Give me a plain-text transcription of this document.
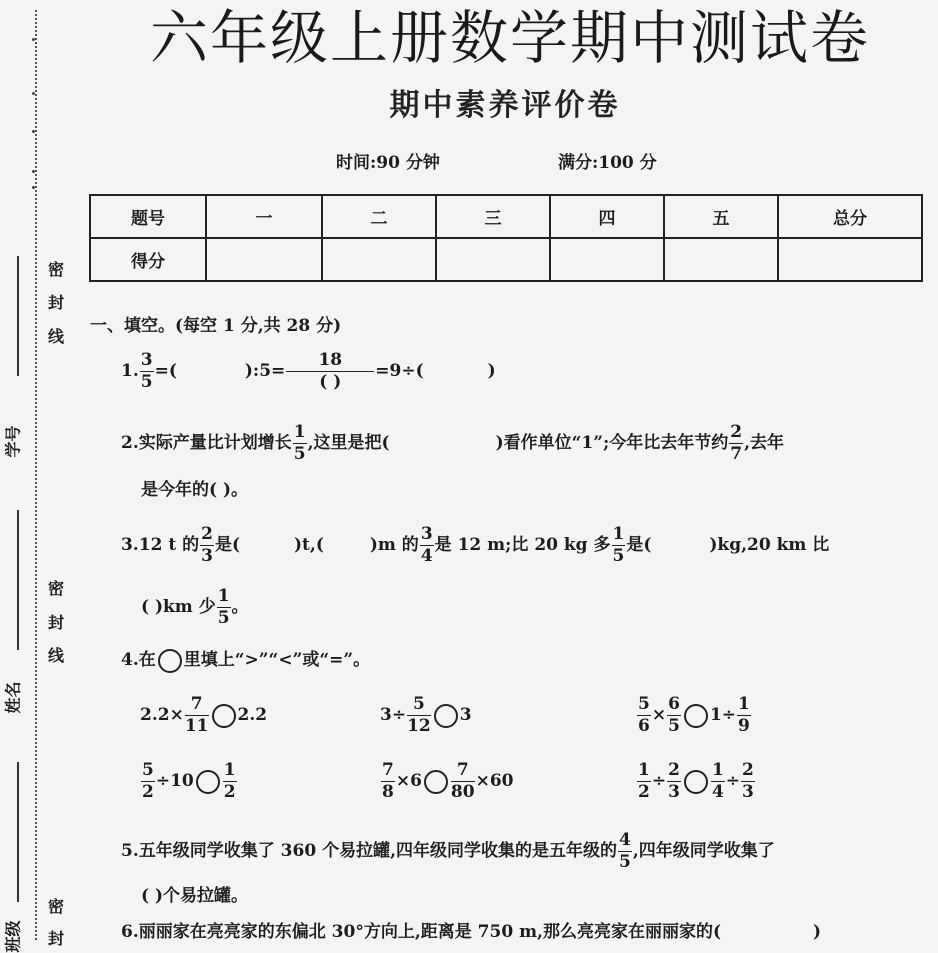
密
封
线
密
封
线
密
封
学号
姓名
班级
六年级上册数学期中测试卷
期中素养评价卷
时间:90 分钟	满分:100 分
题号	一	二	三	四	五	总分
得分						
一、填空。(每空 1 分,共 28 分)
1. $\frac{3}{5}$ =(	):5= $\frac{18}{( )} =9\div$(	)
2.实际产量比计划增长 $\frac{1}{5}$ ,这里是把(	)看作单位“1”;今年比去年节约 $\frac{2}{7}$ ,去年
是今年的( )。
3.12 t 的 $\frac{2}{3}$ 是(	)t,(	)m 的 $\frac{3}{4}$ 是 12 m;比 20 kg 多 $\frac{1}{5}$ 是(	)kg,20 km 比
( )km 少 $\frac{1}{5}$ 。
4.在 里填上“>”“<”或“=”。
$2.2\times \frac{7}{11} 2.2$	$3\div \frac{5}{12} 3$	$\frac{5}{6} \times \frac{6}{5} 1\div \frac{1}{9}$
$\frac{5}{2} \div 10 \frac{1}{2}$	$\frac{7}{8} \times 6 \frac{7}{80} \times 60$	$\frac{1}{2} \div \frac{2}{3} \frac{1}{4} \div \frac{2}{3}$
5.五年级同学收集了 360 个易拉罐,四年级同学收集的是五年级的 $\frac{4}{5}$ ,四年级同学收集了
( )个易拉罐。
6.丽丽家在亮亮家的东偏北 30°方向上,距离是 750 m,那么亮亮家在丽丽家的(	)
